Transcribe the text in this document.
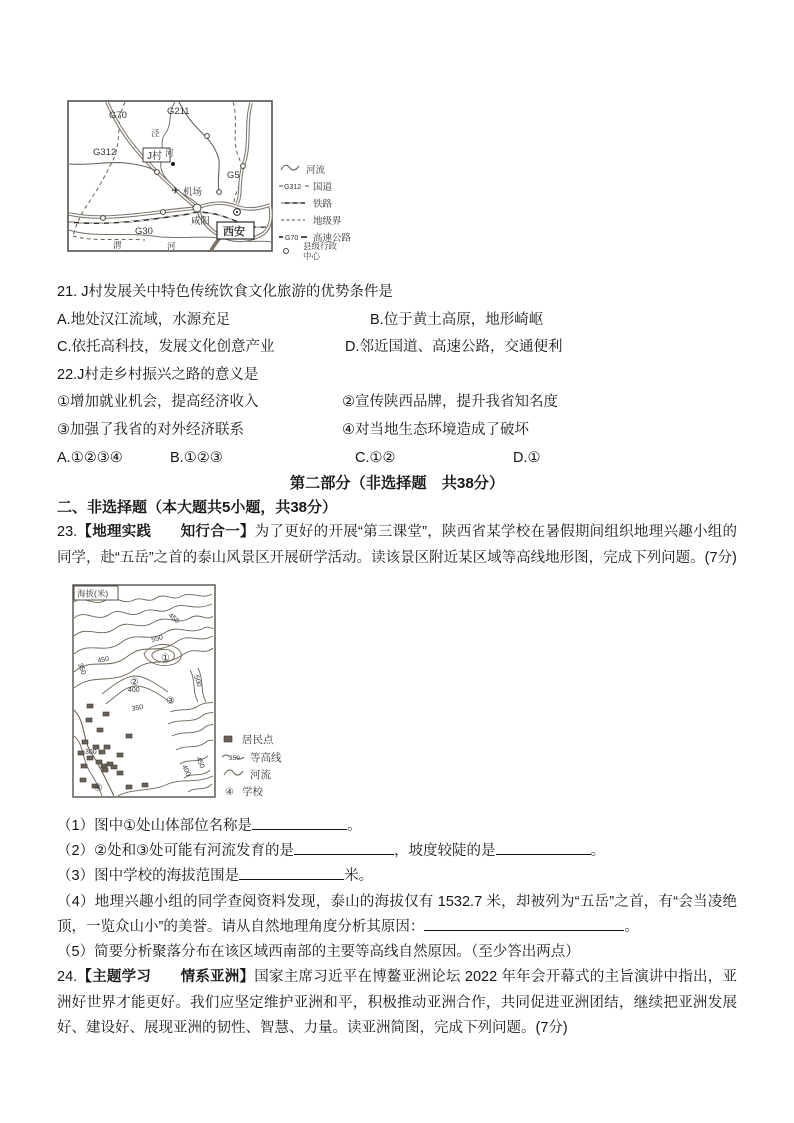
J村
✈ 机场
咸阳
西安
G70	G211
G312
G5
G30
泾
河
渭	河
河流
G312 国道
铁路
地级界
G70 高速公路
县级行政
中心
21. J村发展关中特色传统饮食文化旅游的优势条件是
A.地处汉江流域，水源充足	B.位于黄土高原，地形崎岖
C.依托高科技，发展文化创意产业	D.邻近国道、高速公路，交通便利
22.J村走乡村振兴之路的意义是
①增加就业机会，提高经济收入	②宣传陕西品牌，提升我省知名度
③加强了我省的对外经济联系	④对当地生态环境造成了破坏
A.①②③④	B.①②③	C.①②	D.①
第二部分（非选择题　共38分）
二、非选择题（本大题共5小题，共38分）

23.【地理实践　　知行合一】为了更好的开展“第三课堂”，陕西省某学校在暑假期间组织地理兴趣小组的同学，赴“五岳”之首的泰山风景区开展研学活动。读该景区附近某区域等高线地形图，完成下列问题。(7分)

450
350
450
550
500
400
350
300
400
450
①
②
③
④
海拔(米)
居民点
350 等高线
河流
④ 学校
（1）图中①处山体部位名称是	。
（2）②处和③处可能有河流发育的是	，坡度较陡的是	。
（3）图中学校的海拔范围是	米。
（4）地理兴趣小组的同学查阅资料发现，泰山的海拔仅有 1532.7 米，却被列为“五岳”之首，有“会当凌绝顶，一览众山小”的美誉。请从自然地理角度分析其原因：	。
（5）简要分析聚落分布在该区域西南部的主要等高线自然原因。（至少答出两点）

24.【主题学习　　情系亚洲】国家主席习近平在博鳌亚洲论坛 2022 年年会开幕式的主旨演讲中指出，亚洲好世界才能更好。我们应坚定维护亚洲和平，积极推动亚洲合作，共同促进亚洲团结，继续把亚洲发展好、建设好、展现亚洲的韧性、智慧、力量。读亚洲简图，完成下列问题。(7分)
